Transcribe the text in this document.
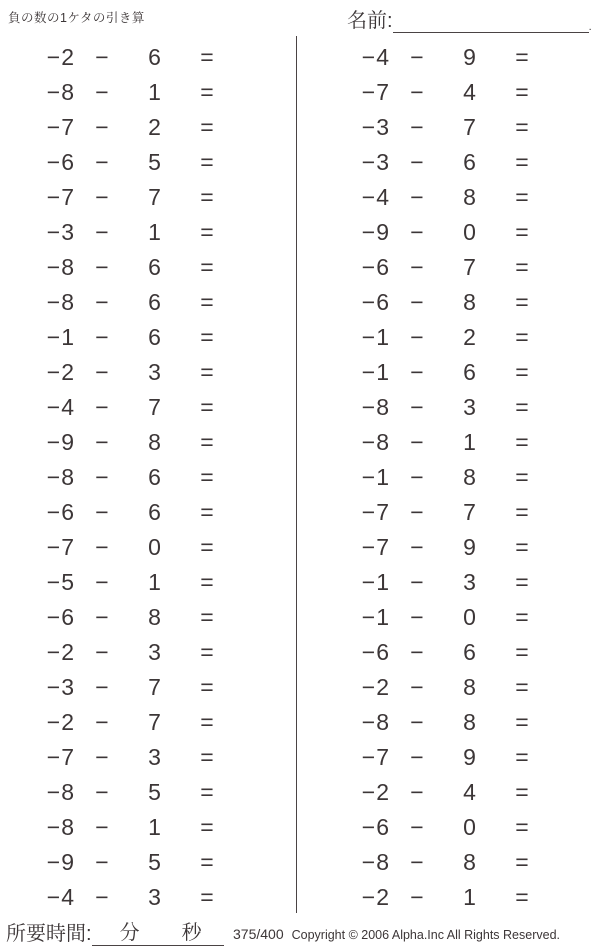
負の数の1ケタの引き算	名前:	.
−2 −	6	=
−8 −	1	=
−7 −	2	=
−6 −	5	=
−7 −	7	=
−3 −	1	=
−8 −	6	=
−8 −	6	=
−1 −	6	=
−2 −	3	=
−4 −	7	=
−9 −	8	=
−8 −	6	=
−6 −	6	=
−7 −	0	=
−5 −	1	=
−6 −	8	=
−2 −	3	=
−3 −	7	=
−2 −	7	=
−7 −	3	=
−8 −	5	=
−8 −	1	=
−9 −	5	=
−4 −	3	=
−4 −	9	=
−7 −	4	=
−3 −	7	=
−3 −	6	=
−4 −	8	=
−9 −	0	=
−6 −	7	=
−6 −	8	=
−1 −	2	=
−1 −	6	=
−8 −	3	=
−8 −	1	=
−1 −	8	=
−7 −	7	=
−7 −	9	=
−1 −	3	=
−1 −	0	=
−6 −	6	=
−2 −	8	=
−8 −	8	=
−7 −	9	=
−2 −	4	=
−6 −	0	=
−8 −	8	=
−2 −	1	=
所要時間: 分 秒	375/400 Copyright © 2006 Alpha.Inc All Rights Reserved.
